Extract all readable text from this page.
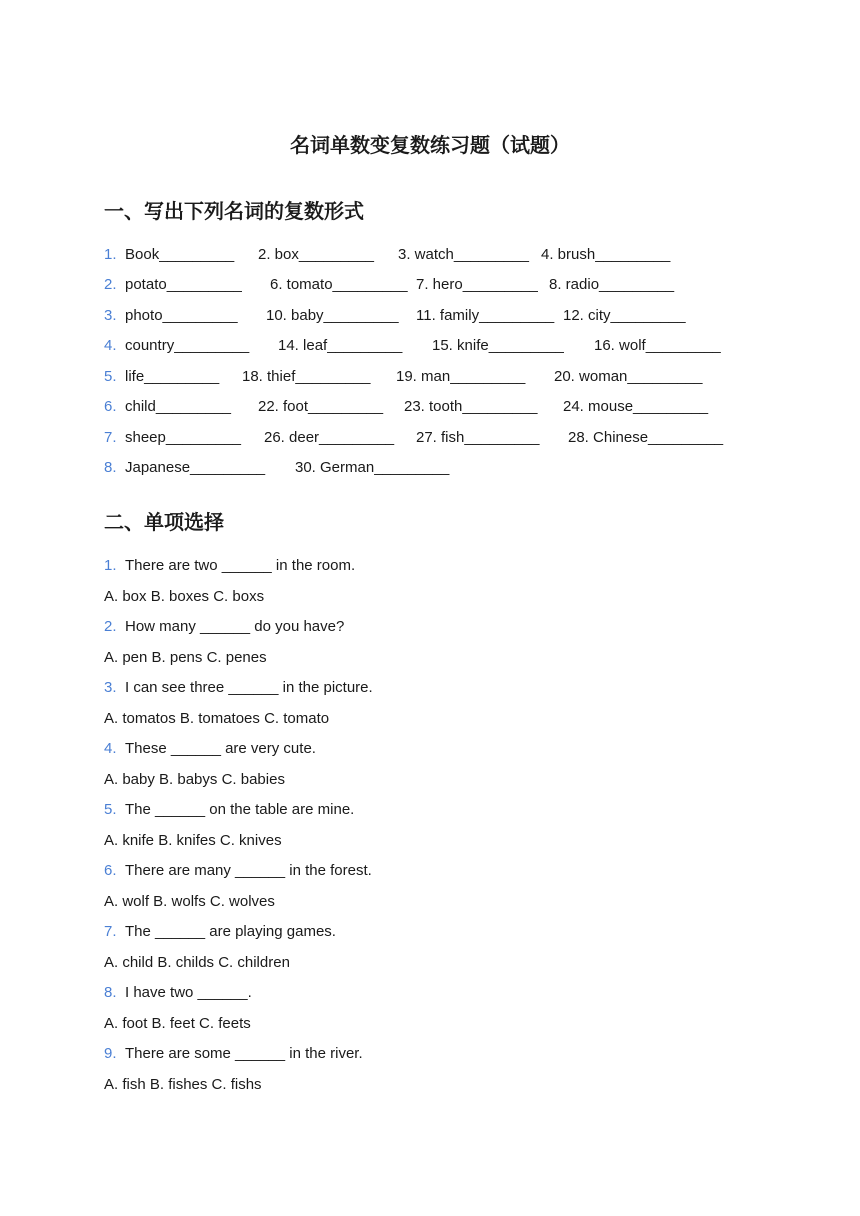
名词单数变复数练习题（试题）
一、写出下列名词的复数形式
1. Book_________ 2. box_________ 3. watch_________ 4. brush_________
2. potato_________ 6. tomato_________ 7. hero_________ 8. radio_________
3. photo_________ 10. baby_________ 11. family_________ 12. city_________
4. country_________ 14. leaf_________ 15. knife_________ 16. wolf_________
5. life_________ 18. thief_________ 19. man_________ 20. woman_________
6. child_________ 22. foot_________ 23. tooth_________ 24. mouse_________
7. sheep_________ 26. deer_________ 27. fish_________ 28. Chinese_________
8. Japanese_________ 30. German_________
二、单项选择
1. There are two ______ in the room.
A. box B. boxes C. boxs
2. How many ______ do you have?
A. pen B. pens C. penes
3. I can see three ______ in the picture.
A. tomatos B. tomatoes C. tomato
4. These ______ are very cute.
A. baby B. babys C. babies
5. The ______ on the table are mine.
A. knife B. knifes C. knives
6. There are many ______ in the forest.
A. wolf B. wolfs C. wolves
7. The ______ are playing games.
A. child B. childs C. children
8. I have two ______.
A. foot B. feet C. feets
9. There are some ______ in the river.
A. fish B. fishes C. fishs
